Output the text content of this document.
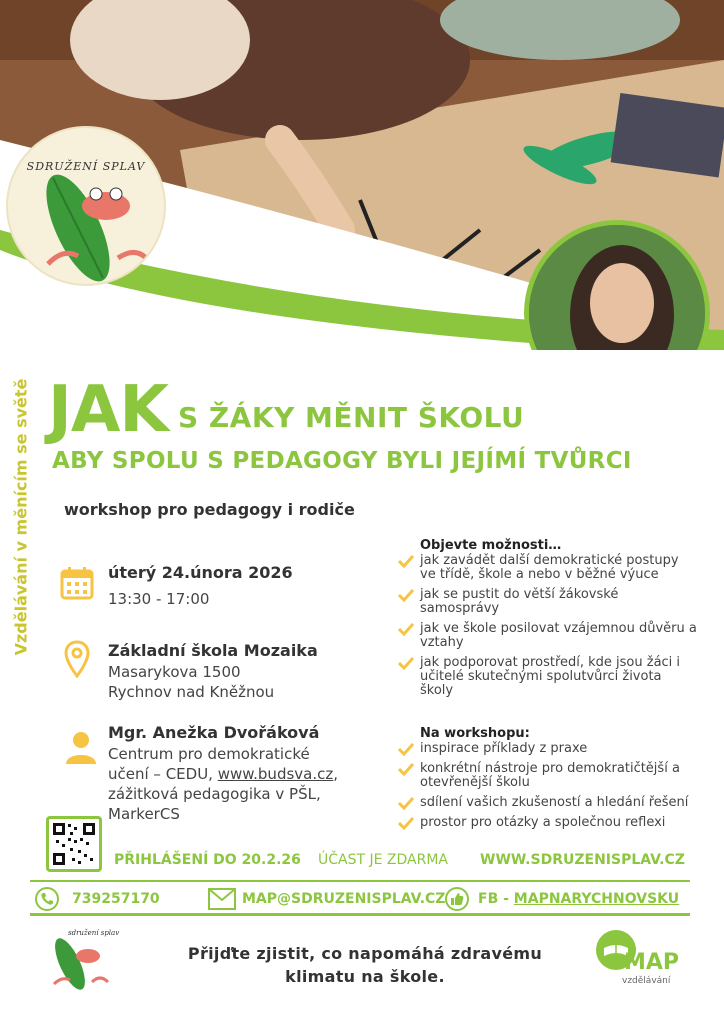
SDRUŽENÍ SPLAV
Vzdělávání v měnícím se světě JAK S ŽÁKY MĚNIT ŠKOLU
ABY SPOLU S PEDAGOGY BYLI JEJÍMÍ TVŮRCI
workshop pro pedagogy i rodiče
úterý 24.února 2026
13:30 - 17:00
Základní škola Mozaika
Masarykova 1500
Rychnov nad Kněžnou
Mgr. Anežka Dvořáková
Centrum pro demokratické
učení – CEDU, www.budsva.cz,
zážitková pedagogika v PŠL,
MarkerCS
Objevte možnosti…
jak zavádět další demokratické postupy ve třídě, škole a nebo v běžné výuce
jak se pustit do větší žákovské samosprávy
jak ve škole posilovat vzájemnou důvěru a vztahy
jak podporovat prostředí, kde jsou žáci i učitelé skutečnými spolutvůrci života školy
Na workshopu:
inspirace příklady z praxe
konkrétní nástroje pro demokratičtější a otevřenější školu
sdílení vašich zkušeností a hledání řešení
prostor pro otázky a společnou reflexi
PŘIHLÁŠENÍ DO 20.2.26 ÚČAST JE ZDARMA WWW.SDRUZENISPLAV.CZ
739257170	MAP@SDRUZENISPLAV.CZ FB - MAPNARYCHNOVSKU
sdružení splav
Přijďte zjistit, co napomáhá zdravému
klimatu na škole.
MAP
vzdělávání
